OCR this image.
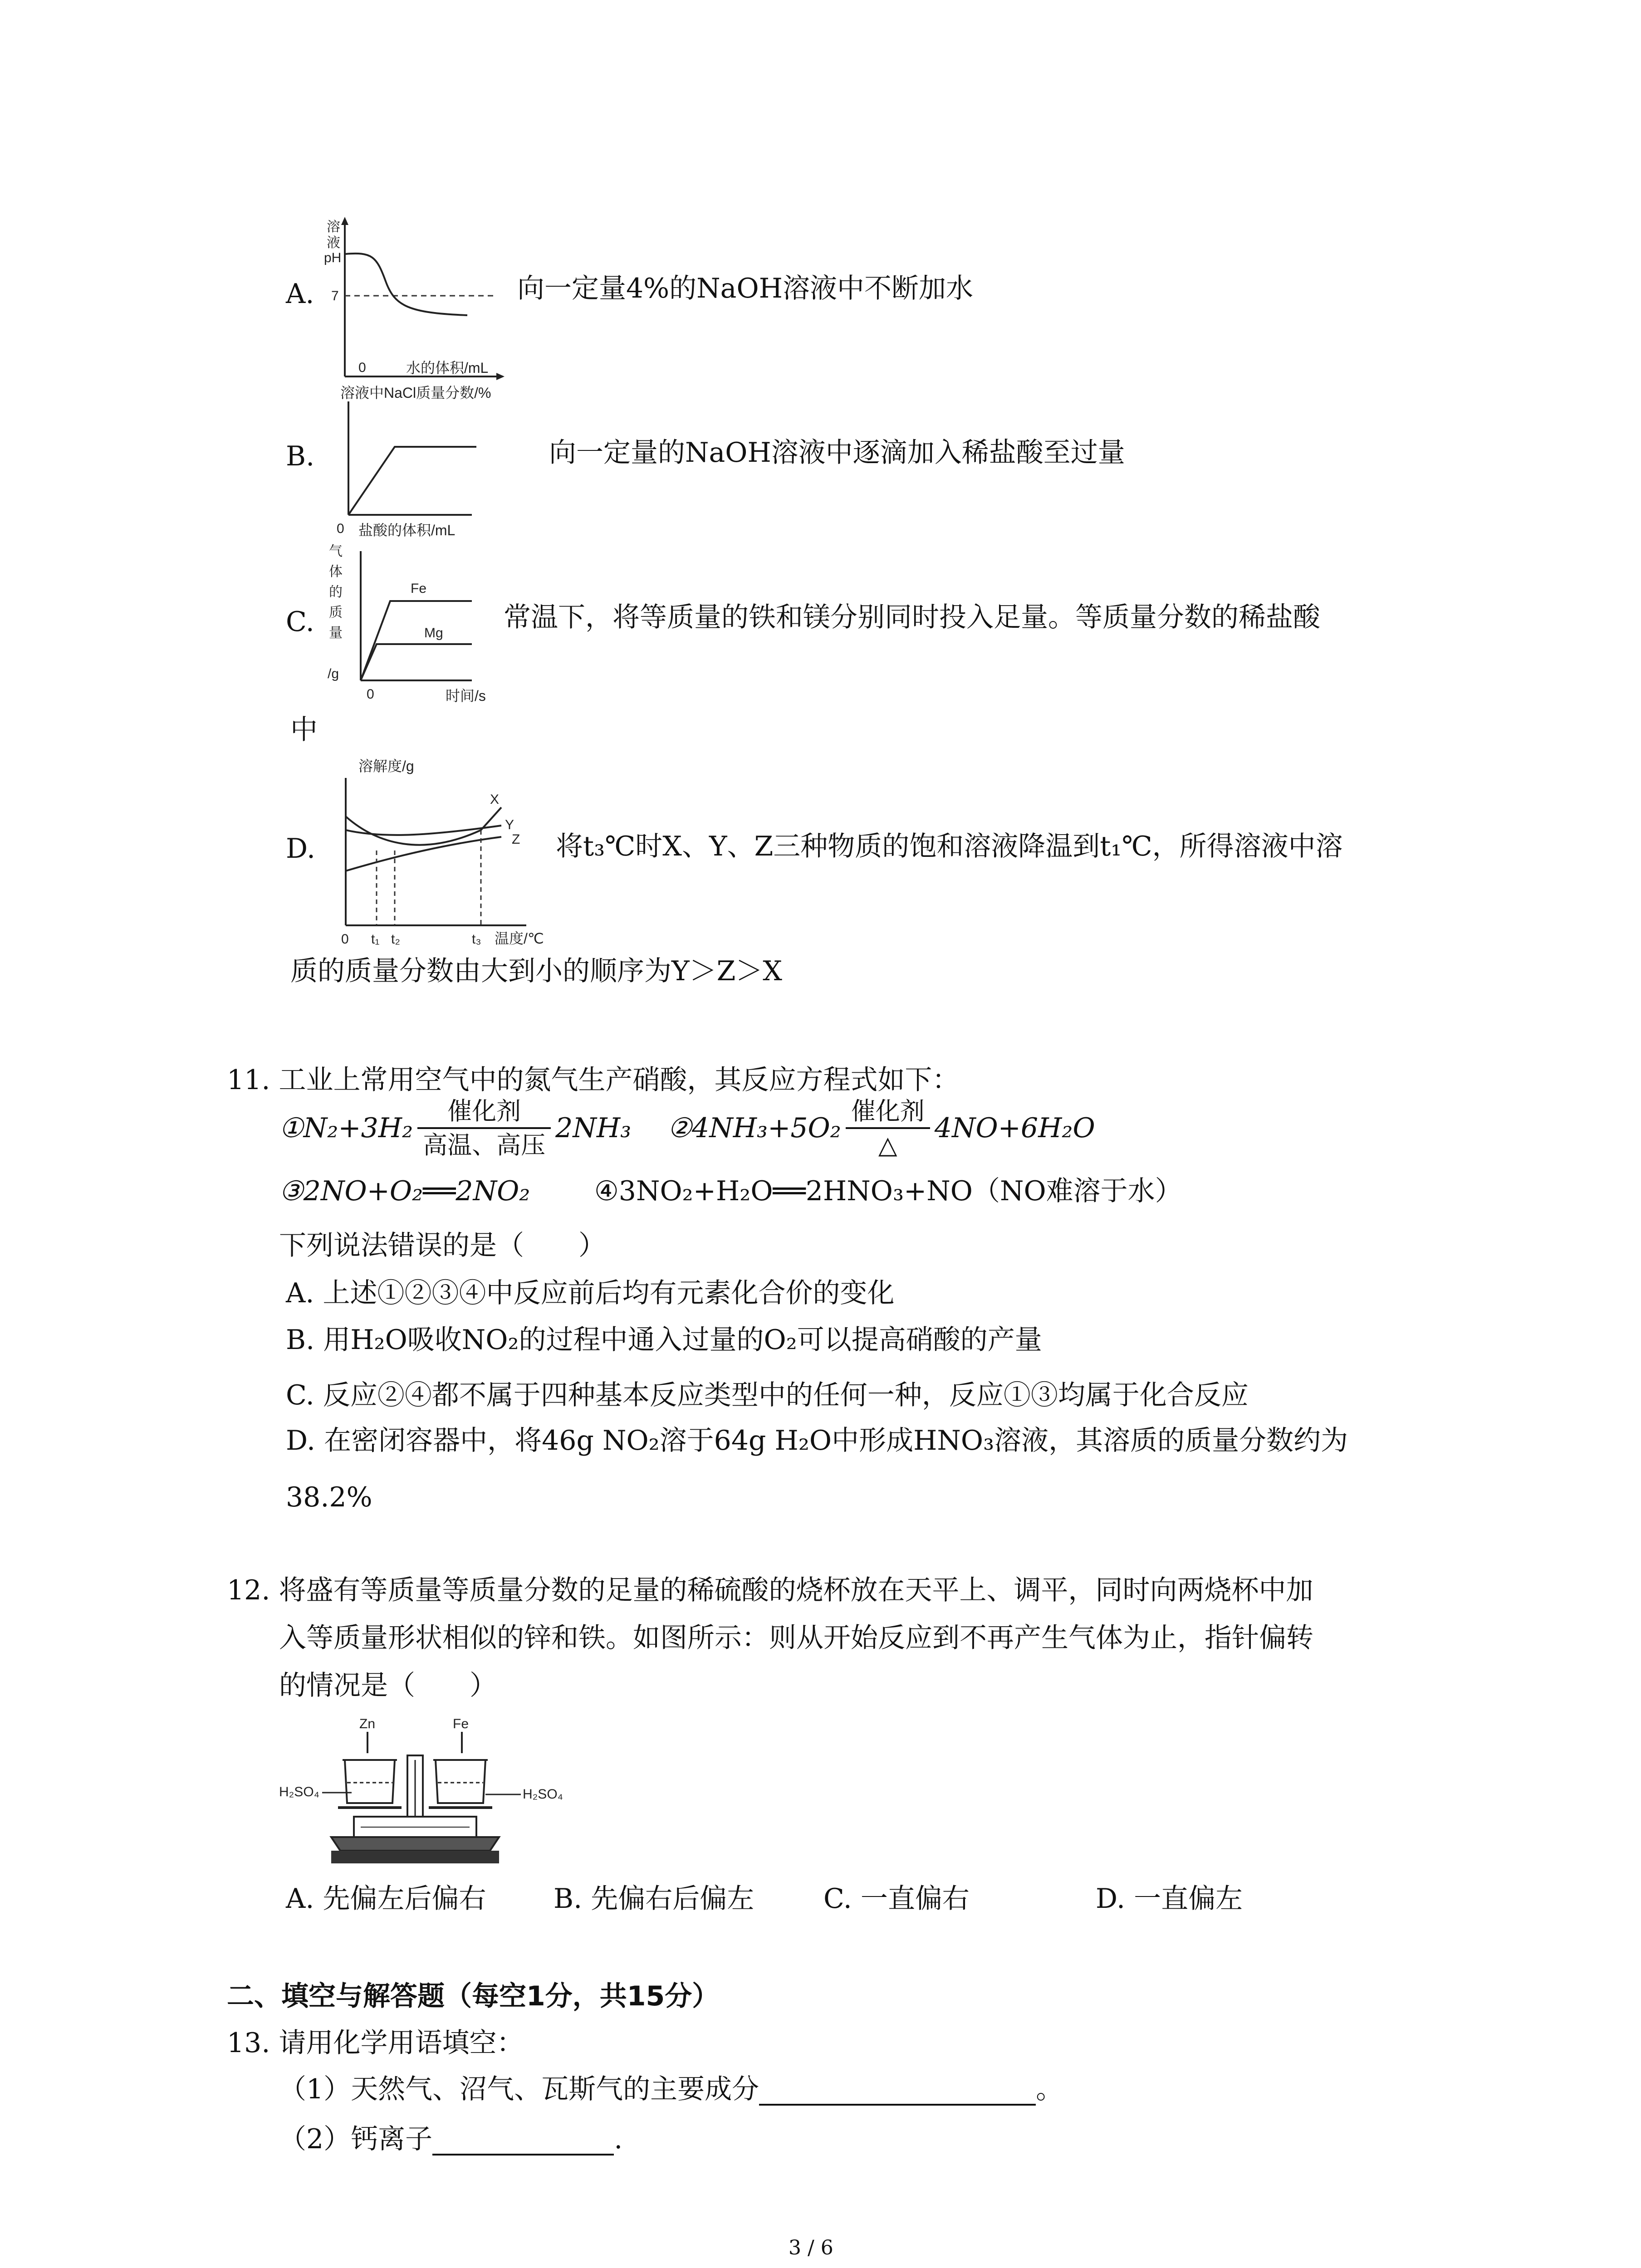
A.
溶
液
pH
7
0	水的体积/mL
向一定量4%的NaOH溶液中不断加水
B.
溶液中NaCl质量分数/%
0 盐酸的体积/mL
向一定量的NaOH溶液中逐滴加入稀盐酸至过量
C.
气
体
的
质
量
/g
Fe
Mg
0	时间/s
常温下，将等质量的铁和镁分别同时投入足量。等质量分数的稀盐酸
中
D.
溶解度/g
X
Y
Z
0 t₁ t₂	t₃ 温度/℃
将t₃℃时X、Y、Z三种物质的饱和溶液降温到t₁℃，所得溶液中溶
质的质量分数由大到小的顺序为Y＞Z＞X
11. 工业上常用空气中的氮气生产硝酸，其反应方程式如下：
①N₂+3H₂ $\frac{\text{催化剂}}{\text{高温、高压}} 2NH_3$ ②4NH₃+5O₂ $\frac{\text{催化剂}}{\triangle} 4NO+6H_2O$
③2NO+O₂══2NO₂ ④3NO₂+H₂O══2HNO₃+NO（NO难溶于水）
下列说法错误的是（　　）
A. 上述①②③④中反应前后均有元素化合价的变化
B. 用H₂O吸收NO₂的过程中通入过量的O₂可以提高硝酸的产量
C. 反应②④都不属于四种基本反应类型中的任何一种，反应①③均属于化合反应
D. 在密闭容器中，将46g NO₂溶于64g H₂O中形成HNO₃溶液，其溶质的质量分数约为
38.2%
12. 将盛有等质量等质量分数的足量的稀硫酸的烧杯放在天平上、调平，同时向两烧杯中加
入等质量形状相似的锌和铁。如图所示：则从开始反应到不再产生气体为止，指针偏转
的情况是（　　）
Zn	Fe
H₂SO₄	H₂SO₄
A. 先偏左后偏右 B. 先偏右后偏左	C. 一直偏右	D. 一直偏左
二、填空与解答题（每空1分，共15分）
13. 请用化学用语填空：
（1）天然气、沼气、瓦斯气的主要成分	。
（2）钙离子	.
3 / 6
